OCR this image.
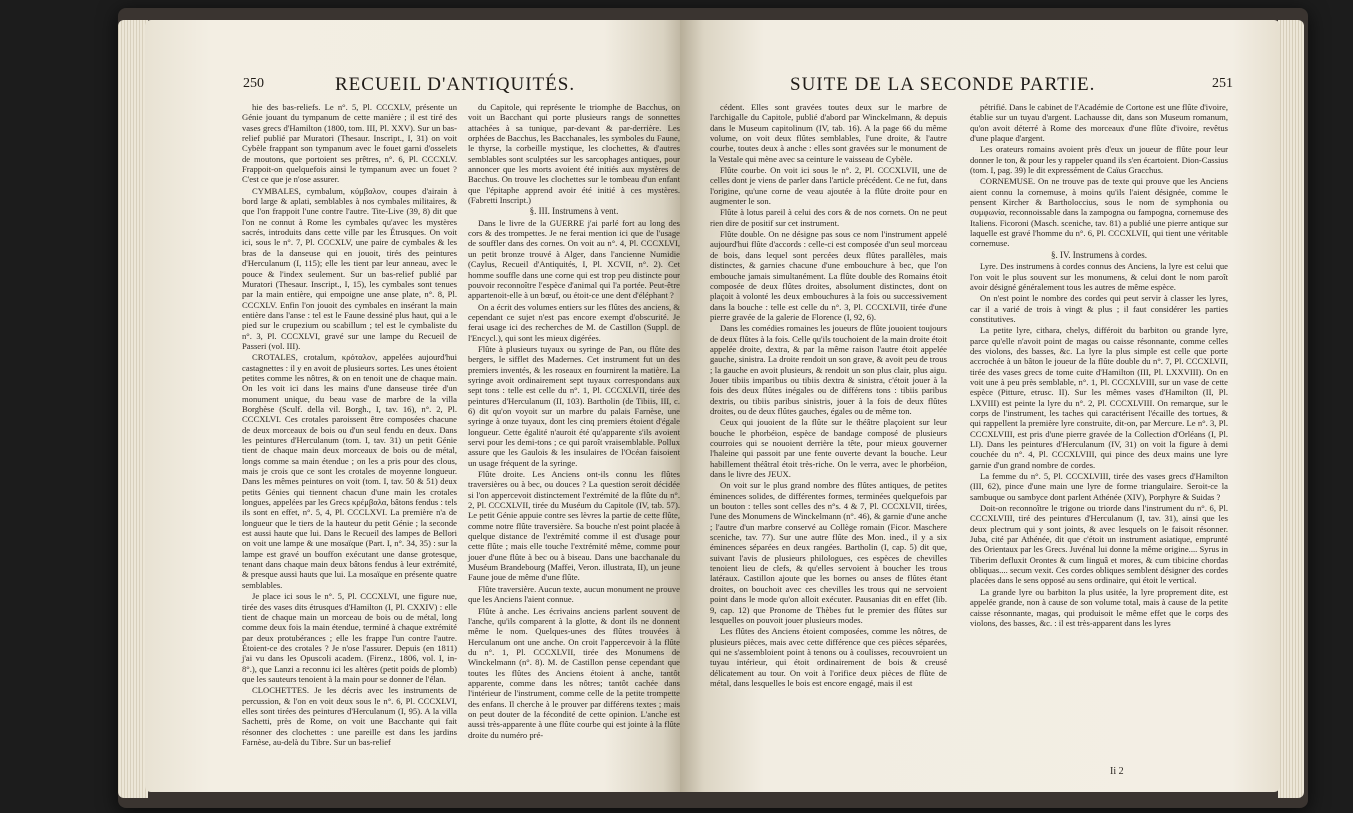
250	RECUEIL D'ANTIQUITÉS.

hie des bas-reliefs. Le n°. 5, Pl. CCCXLV, présente un Génie jouant du tympanum de cette manière ; il est tiré des vases grecs d'Hamilton (1800, tom. III, Pl. XXV). Sur un bas-relief publié par Muratori (Thesaur. Inscript., I, 31) on voit Cybèle frappant son tympanum avec le fouet garni d'osselets de moutons, que portoient ses prêtres, n°. 6, Pl. CCCXLV. Frappoit-on quelquefois ainsi le tympanum avec un fouet ? C'est ce que je n'ose assurer.

CYMBALES, cymbalum, κύμβαλον, coupes d'airain à bord large & aplati, semblables à nos cymbales militaires, & que l'on frappoit l'une contre l'autre. Tite-Live (39, 8) dit que l'on ne connut à Rome les cymbales qu'avec les mystères sacrés, introduits dans cette ville par les Étrusques. On voit ici, sous le n°. 7, Pl. CCCXLV, une paire de cymbales & les bras de la danseuse qui en jouoit, tirés des peintures d'Herculanum (I, 115); elle les tient par leur anneau, avec le pouce & l'index seulement. Sur un bas-relief publié par Muratori (Thesaur. Inscript., I, 15), les cymbales sont tenues par la main entière, qui empoigne une anse plate, n°. 8, Pl. CCCXLV. Enfin l'on jouoit des cymbales en insérant la main entière dans l'anse : tel est le Faune dessiné plus haut, qui a le pied sur le crupezium ou scabillum ; tel est le cymbaliste du n°. 3, Pl. CCCXLVI, gravé sur une lampe du Recueil de Passeri (vol. III).

CROTALES, crotalum, κρόταλον, appelées aujourd'hui castagnettes : il y en avoit de plusieurs sortes. Les unes étoient petites comme les nôtres, & on en tenoit une de chaque main. On les voit ici dans les mains d'une danseuse tirée d'un monument unique, du beau vase de marbre de la villa Borghèse (Sculf. della vil. Borgh., I, tav. 16), n°. 2, Pl. CCCXLVI. Ces crotales paroissent être composées chacune de deux morceaux de bois ou d'un seul fendu en deux. Dans les peintures d'Herculanum (tom. I, tav. 31) un petit Génie tient de chaque main deux morceaux de bois ou de métal, longs comme sa main étendue ; on les a pris pour des clous, mais je crois que ce sont les crotales de moyenne longueur. Dans les mêmes peintures on voit (tom. I, tav. 50 & 51) deux petits Génies qui tiennent chacun d'une main les crotales longues, appelées par les Grecs κρέμβαλα, bâtons fendus : tels ils sont en effet, n°. 5, 4, Pl. CCCLXVI. La première n'a de longueur que le tiers de la hauteur du petit Génie ; la seconde est aussi haute que lui. Dans le Recueil des lampes de Bellori on voit une lampe & une mosaïque (Part. I, n°. 34, 35) : sur la lampe est gravé un bouffon exécutant une danse grotesque, tenant dans chaque main deux bâtons fendus à leur extrémité, & presque aussi hauts que lui. La mosaïque en présente quatre semblables.

Je place ici sous le n°. 5, Pl. CCCXLVI, une figure nue, tirée des vases dits étrusques d'Hamilton (I, Pl. CXXIV) : elle tient de chaque main un morceau de bois ou de métal, long comme deux fois la main étendue, terminé à chaque extrémité par deux protubérances ; elle les frappe l'un contre l'autre. Étoient-ce des crotales ? Je n'ose l'assurer. Depuis (en 1811) j'ai vu dans les Opuscoli academ. (Firenz., 1806, vol. I, in-8°.), que Lanzi a reconnu ici les altères (petit poids de plomb) que les sauteurs tenoient à la main pour se donner de l'élan.

CLOCHETTES. Je les décris avec les instruments de percussion, & l'on en voit deux sous le n°. 6, Pl. CCCXLVI, elles sont tirées des peintures d'Herculanum (I, 95). A la villa Sachetti, près de Rome, on voit une Bacchante qui fait résonner des clochettes : une pareille est dans les jardins Farnèse, au-delà du Tibre. Sur un bas-relief

du Capitole, qui représente le triomphe de Bacchus, on voit un Bacchant qui porte plusieurs rangs de sonnettes attachées à sa tunique, par-devant & par-derrière. Les orphées de Bacchus, les Bacchanales, les symboles du Faune, le thyrse, la corbeille mystique, les clochettes, & d'autres semblables sont sculptées sur les sarcophages antiques, pour annoncer que les morts avoient été initiés aux mystères de Bacchus. On trouve les clochettes sur le tombeau d'un enfant que l'épitaphe apprend avoir été initié à ces mystères. (Fabretti Inscript.)

§. III. Instrumens à vent.

Dans le livre de la GUERRE j'ai parlé fort au long des cors & des trompettes. Je ne ferai mention ici que de l'usage de souffler dans des cornes. On voit au n°. 4, Pl. CCCXLVI, un petit bronze trouvé à Alger, dans l'ancienne Numidie (Caylus, Recueil d'Antiquités, I, Pl. XCVII, n°. 2). Cet homme souffle dans une corne qui est trop peu distincte pour pouvoir reconnoître l'espèce d'animal qui l'a portée. Peut-être appartenoit-elle à un bœuf, ou étoit-ce une dent d'éléphant ?

On a écrit des volumes entiers sur les flûtes des anciens, & cependant ce sujet n'est pas encore exempt d'obscurité. Je ferai usage ici des recherches de M. de Castillon (Suppl. de l'Encycl.), qui sont les mieux digérées.

Flûte à plusieurs tuyaux ou syringe de Pan, ou flûte des bergers, le sifflet des Madernes. Cet instrument fut un des premiers inventés, & les roseaux en fournirent la matière. La syringe avoit ordinairement sept tuyaux correspondans aux sept tons : telle est celle du n°. 1, Pl. CCCXLVII, tirée des peintures d'Herculanum (II, 103). Bartholin (de Tibiis, III, c. 6) dit qu'on voyoit sur un marbre du palais Farnèse, une syringe à onze tuyaux, dont les cinq premiers étoient d'égale longueur. Cette égalité n'auroit été qu'apparente s'ils avoient servi pour les demi-tons ; ce qui paroît vraisemblable. Pollux assure que les Gaulois & les insulaires de l'Océan faisoient un usage fréquent de la syringe.

Flûte droite. Les Anciens ont-ils connu les flûtes traversières ou à bec, ou douces ? La question seroit décidée si l'on appercevoit distinctement l'extrémité de la flûte du n°. 2, Pl. CCCXLVII, tirée du Muséum du Capitole (IV, tab. 57). Le petit Génie appuie contre ses lèvres la partie de cette flûte, comme notre flûte traversière. Sa bouche n'est point placée à quelque distance de l'extrémité comme il est d'usage pour cette flûte ; mais elle touche l'extrémité même, comme pour jouer d'une flûte à bec ou à biseau. Dans une bacchanale du Muséum Brandebourg (Maffei, Veron. illustrata, II), un jeune Faune joue de même d'une flûte.

Flûte traversière. Aucun texte, aucun monument ne prouve que les Anciens l'aient connue.

Flûte à anche. Les écrivains anciens parlent souvent de l'anche, qu'ils comparent à la glotte, & dont ils ne donnent même le nom. Quelques-unes des flûtes trouvées à Herculanum ont une anche. On croit l'appercevoir à la flûte du n°. 1, Pl. CCCXLVII, tirée des Monumens de Winckelmann (n°. 8). M. de Castillon pense cependant que toutes les flûtes des Anciens étoient à anche, tantôt apparente, comme dans les nôtres; tantôt cachée dans l'intérieur de l'instrument, comme celle de la petite trompette des enfans. Il cherche à le prouver par différens textes ; mais on peut douter de la fécondité de cette opinion. L'anche est aussi très-apparente à une flûte courbe qui est jointe à la flûte droite du numéro pré-

SUITE DE LA SECONDE PARTIE.	251

cédent. Elles sont gravées toutes deux sur le marbre de l'archigalle du Capitole, publié d'abord par Winckelmann, & depuis dans le Museum capitolinum (IV, tab. 16). A la page 66 du même volume, on voit deux flûtes semblables, l'une droite, & l'autre courbe, toutes deux à anche : elles sont gravées sur le monument de la Vestale qui mène avec sa ceinture le vaisseau de Cybèle.

Flûte courbe. On voit ici sous le n°. 2, Pl. CCCXLVII, une de celles dont je viens de parler dans l'article précédent. Ce ne fut, dans l'origine, qu'une corne de veau ajoutée à la flûte droite pour en augmenter le son.

Flûte à lotus pareil à celui des cors & de nos cornets. On ne peut rien dire de positif sur cet instrument.

Flûte double. On ne désigne pas sous ce nom l'instrument appelé aujourd'hui flûte d'accords : celle-ci est composée d'un seul morceau de bois, dans lequel sont percées deux flûtes parallèles, mais distinctes, & garnies chacune d'une embouchure à bec, que l'on embouche jamais simultanément. La flûte double des Romains étoit composée de deux flûtes droites, absolument distinctes, dont on plaçoit à volonté les deux embouchures à la fois ou successivement dans la bouche : telle est celle du n°. 3, Pl. CCCXLVII, tirée d'une pierre gravée de la galerie de Florence (I, 92, 6).

Dans les comédies romaines les joueurs de flûte jouoient toujours de deux flûtes à la fois. Celle qu'ils touchoient de la main droite étoit appelée droite, dextra, & par la même raison l'autre étoit appelée gauche, sinistra. La droite rendoit un son grave, & avoit peu de trous ; la gauche en avoit plusieurs, & rendoit un son plus clair, plus aigu. Jouer tibiis imparibus ou tibiis dextra & sinistra, c'étoit jouer à la fois des deux flûtes inégales ou de différens tons : tibiis paribus dextris, ou tibiis paribus sinistris, jouer à la fois de deux flûtes droites, ou de deux flûtes gauches, égales ou de même ton.

Ceux qui jouoient de la flûte sur le théâtre plaçoient sur leur bouche le phorbéion, espèce de bandage composé de plusieurs courroies qui se nouoient derrière la tête, pour mieux gouverner l'haleine qui passoit par une fente ouverte devant la bouche. Leur habillement théâtral étoit très-riche. On le verra, avec le phorbéion, dans le livre des JEUX.

On voit sur le plus grand nombre des flûtes antiques, de petites éminences solides, de différentes formes, terminées quelquefois par un bouton : telles sont celles des n°s. 4 & 7, Pl. CCCXLVII, tirées, l'une des Monumens de Winckelmann (n°. 46), & garnie d'une anche ; l'autre d'un marbre conservé au Collège romain (Ficor. Maschere sceniche, tav. 77). Sur une autre flûte des Mon. ined., il y a six éminences séparées en deux rangées. Bartholin (I, cap. 5) dit que, suivant l'avis de plusieurs philologues, ces espèces de chevilles tenoient lieu de clefs, & qu'elles servoient à boucher les trous latéraux. Castillon ajoute que les bornes ou anses de flûtes étant droites, on bouchoit avec ces chevilles les trous qui ne servoient point dans le mode qu'on alloit exécuter. Pausanias dit en effet (lib. 9, cap. 12) que Pronome de Thèbes fut le premier des flûtes sur lesquelles on pouvoit jouer plusieurs modes.

Les flûtes des Anciens étoient composées, comme les nôtres, de plusieurs pièces, mais avec cette différence que ces pièces séparées, qui ne s'assembloient point à tenons ou à coulisses, recouvroient un tuyau intérieur, qui étoit ordinairement de bois & creusé délicatement au tour. On voit à l'orifice deux pièces de flûte de métal, dans lesquelles le bois est encore engagé, mais il est

pétrifié. Dans le cabinet de l'Académie de Cortone est une flûte d'ivoire, établie sur un tuyau d'argent. Lachausse dit, dans son Museum romanum, qu'on avoit déterré à Rome des morceaux d'une flûte d'ivoire, revêtus d'une plaque d'argent.

Les orateurs romains avoient près d'eux un joueur de flûte pour leur donner le ton, & pour les y rappeler quand ils s'en écartoient. Dion-Cassius (tom. I, pag. 39) le dit expressément de Caïus Gracchus.

CORNEMUSE. On ne trouve pas de texte qui prouve que les Anciens aient connu la cornemuse, à moins qu'ils l'aient désignée, comme le pensent Kircher & Bartholoccius, sous le nom de symphonia ou συμφωνία, reconnoissable dans la zampogna ou fampogna, cornemuse des Italiens. Ficoroni (Masch. sceniche, tav. 81) a publié une pierre antique sur laquelle est gravé l'homme du n°. 6, Pl. CCCXLVII, qui tient une véritable cornemuse.

§. IV. Instrumens à cordes.

Lyre. Des instrumens à cordes connus des Anciens, la lyre est celui que l'on voit le plus souvent sur les monumens, & celui dont le nom paroît avoir désigné généralement tous les autres de même espèce.

On n'est point le nombre des cordes qui peut servir à classer les lyres, car il a varié de trois à vingt & plus ; il faut considérer les parties constitutives.

La petite lyre, cithara, chelys, différoit du barbiton ou grande lyre, parce qu'elle n'avoit point de magas ou caisse résonnante, comme celles des violons, des basses, &c. La lyre la plus simple est celle que porte accrochée à un bâton le joueur de la flûte double du n°. 7, Pl. CCCXLVII, tirée des vases grecs de tome cuite d'Hamilton (III, Pl. LXXVIII). On en voit une à peu près semblable, n°. 1, Pl. CCCXLVIII, sur un vase de cette espèce (Pitture, etrusc. II). Sur les mêmes vases d'Hamilton (II, Pl. LXVIII) est peinte la lyre du n°. 2, Pl. CCCXLVIII. On remarque, sur le corps de l'instrument, les taches qui caractérisent l'écaille des tortues, & qui rappellent la première lyre construite, dit-on, par Mercure. Le n°. 3, Pl. CCCXLVIII, est pris d'une pierre gravée de la Collection d'Orléans (I, Pl. LI). Dans les peintures d'Herculanum (IV, 31) on voit la figure à demi couchée du n°. 4, Pl. CCCXLVIII, qui pince des deux mains une lyre garnie d'un grand nombre de cordes.

La femme du n°. 5, Pl. CCCXLVIII, tirée des vases grecs d'Hamilton (III, 62), pince d'une main une lyre de forme triangulaire. Seroit-ce la sambuque ou sambyce dont parlent Athénée (XIV), Porphyre & Suidas ?

Doit-on reconnoître le trigone ou triorde dans l'instrument du n°. 6, Pl. CCCXLVIII, tiré des peintures d'Herculanum (I, tav. 31), ainsi que les deux plectrum qui y sont joints, & avec lesquels on le faisoit résonner. Juba, cité par Athénée, dit que c'étoit un instrument asiatique, emprunté des Orientaux par les Grecs. Juvénal lui donne la même origine.... Syrus in Tiberim defluxit Orontes & cum linguâ et mores, & cum tibicine chordas obliquas.... secum vexit. Ces cordes obliques semblent désigner des cordes placées dans le sens opposé au sens ordinaire, qui étoit le vertical.

La grande lyre ou barbiton la plus usitée, la lyre proprement dite, est appelée grande, non à cause de son volume total, mais à cause de la petite caisse résonnante, magas, qui produisoit le même effet que le corps des violons, des basses, &c. : il est très-apparent dans les lyres

Ii 2
